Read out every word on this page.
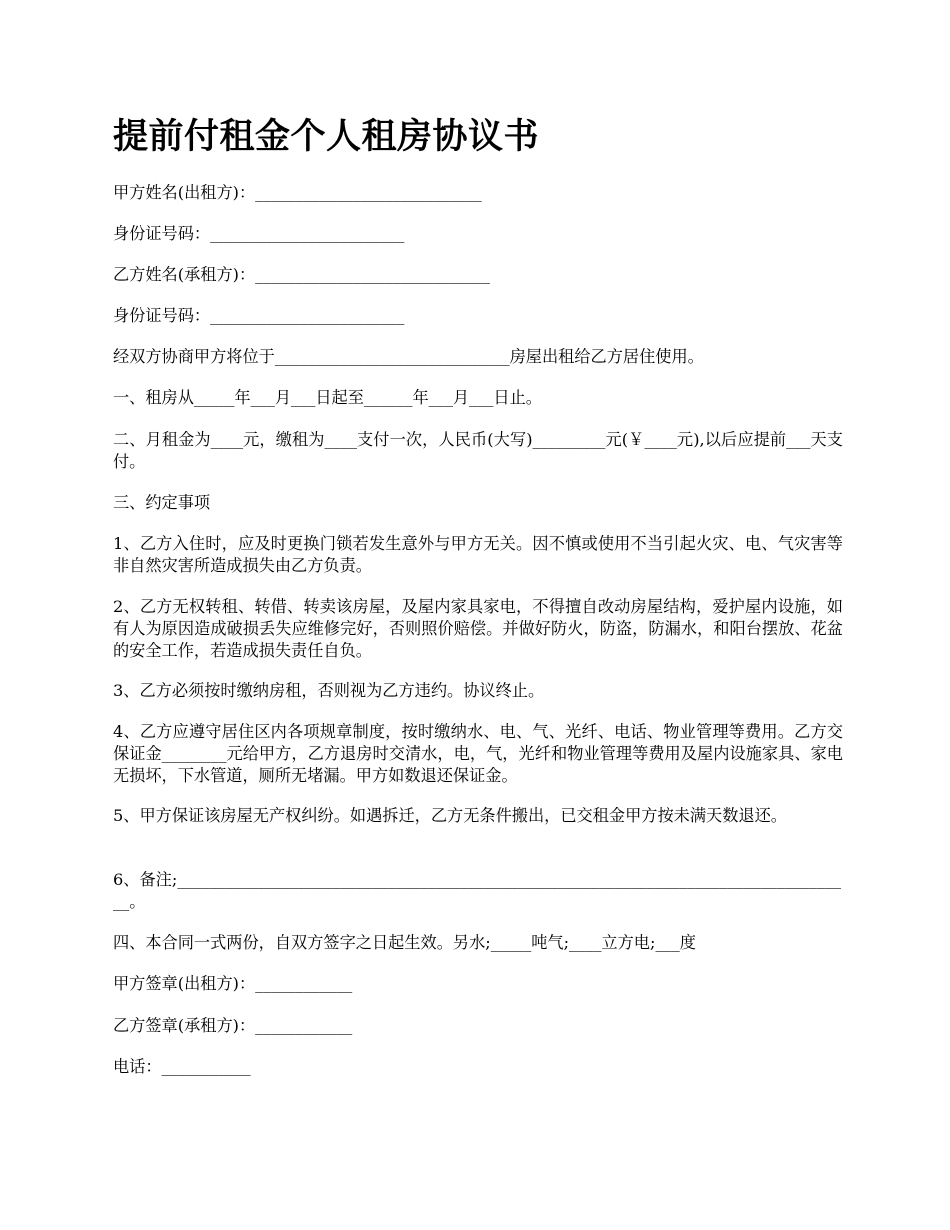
提前付租金个人租房协议书

甲方姓名(出租方)：____________________________

身份证号码：________________________

乙方姓名(承租方)：_____________________________

身份证号码：________________________

经双方协商甲方将位于_____________________________房屋出租给乙方居住使用。

一、租房从_____年___月___日起至______年___月___日止。

二、月租金为____元，缴租为____支付一次，人民币(大写)_________元(￥____元),以后应提前___天支付。

三、约定事项

1、乙方入住时，应及时更换门锁若发生意外与甲方无关。因不慎或使用不当引起火灾、电、气灾害等非自然灾害所造成损失由乙方负责。

2、乙方无权转租、转借、转卖该房屋，及屋内家具家电，不得擅自改动房屋结构，爱护屋内设施，如有人为原因造成破损丢失应维修完好，否则照价赔偿。并做好防火，防盗，防漏水，和阳台摆放、花盆的安全工作，若造成损失责任自负。

3、乙方必须按时缴纳房租，否则视为乙方违约。协议终止。

4、乙方应遵守居住区内各项规章制度，按时缴纳水、电、气、光纤、电话、物业管理等费用。乙方交保证金________元给甲方，乙方退房时交清水，电，气，光纤和物业管理等费用及屋内设施家具、家电无损坏，下水管道，厕所无堵漏。甲方如数退还保证金。

5、甲方保证该房屋无产权纠纷。如遇拆迁，乙方无条件搬出，已交租金甲方按未满天数退还。

6、备注;____________________________________________________________________________________。

四、本合同一式两份，自双方签字之日起生效。另水;_____吨气;____立方电;___度

甲方签章(出租方)：____________

乙方签章(承租方)：____________

电话：___________
